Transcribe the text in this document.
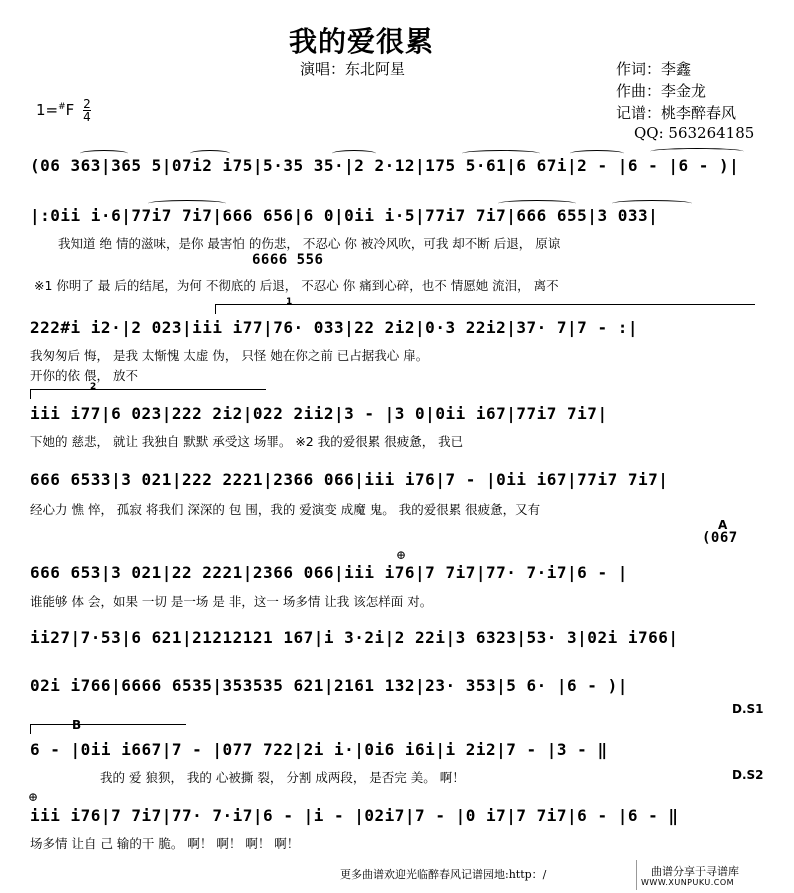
我的爱很累
演唱：东北阿星	作词：李鑫
作曲：李金龙
记谱：桃李醉春风
QQ: 563264185
$1=^{\#}F \frac{2}{4}$
(06 363|365 5|07i2 i75|5·35 35·|2 2·12|175 5·61|6 67i|2 - |6 - |6 - )|
|:0ii i·6|77i7 7i7|666 656|6 0|0ii i·5|77i7 7i7|666 655|3 033|
我知道 绝 情的滋味，是你 最害怕 的伤悲， 不忍心 你 被冷风吹，可我 却不断 后退， 原谅
6666 556
※1 你明了 最 后的结尾，为何 不彻底的 后退， 不忍心 你 痛到心碎，也不 情愿她 流泪， 离不
1
222#i i2·|2 023|iii i77|76· 033|22 2i2|0·3 22i2|37· 7|7 - :|
我匆匆后 悔， 是我 太惭愧 太虚 伪， 只怪 她在你之前 已占据我心 扉。
开你的依 偎， 放不
2
iii i77|6 023|222 2i2|022 2ii2|3 - |3 0|0ii i67|77i7 7i7|
下她的 慈悲， 就让 我独自 默默 承受这 场罪。 ※2 我的爱很累 很疲惫， 我已
666 6533|3 021|222 2221|2366 066|iii i76|7 - |0ii i67|77i7 7i7|
经心力 憔 悴， 孤寂 将我们 深深的 包 围，我的 爱演变 成魔 鬼。 我的爱很累 很疲惫，又有
A
(067
⊕
666 653|3 021|22 2221|2366 066|iii i76|7 7i7|77· 7·i7|6 - |
谁能够 体 会，如果 一切 是一场 是 非，这一 场多情 让我 该怎样面 对。
ii27|7·53|6 621|21212121 167|i 3·2i|2 22i|3 6323|53· 3|02i i766|
02i i766|6666 6535|353535 621|2161 132|23· 353|5 6· |6 - )|
D.S1
B
6 - |0ii i667|7 - |077 722|2i i·|0i6 i6i|i 2i2|7 - |3 - ‖
我的 爱 狼狈， 我的 心被撕 裂， 分割 成两段， 是否完 美。 啊！	D.S2
⊕
iii i76|7 7i7|77· 7·i7|6 - |i - |02i7|7 - |0 i7|7 7i7|6 - |6 - ‖
场多情 让自 己 输的干 脆。 啊！ 啊！ 啊！ 啊！
更多曲谱欢迎光临醉春风记谱园地:http：/	曲谱分享于寻谱库
WWW.XUNPUKU.COM
